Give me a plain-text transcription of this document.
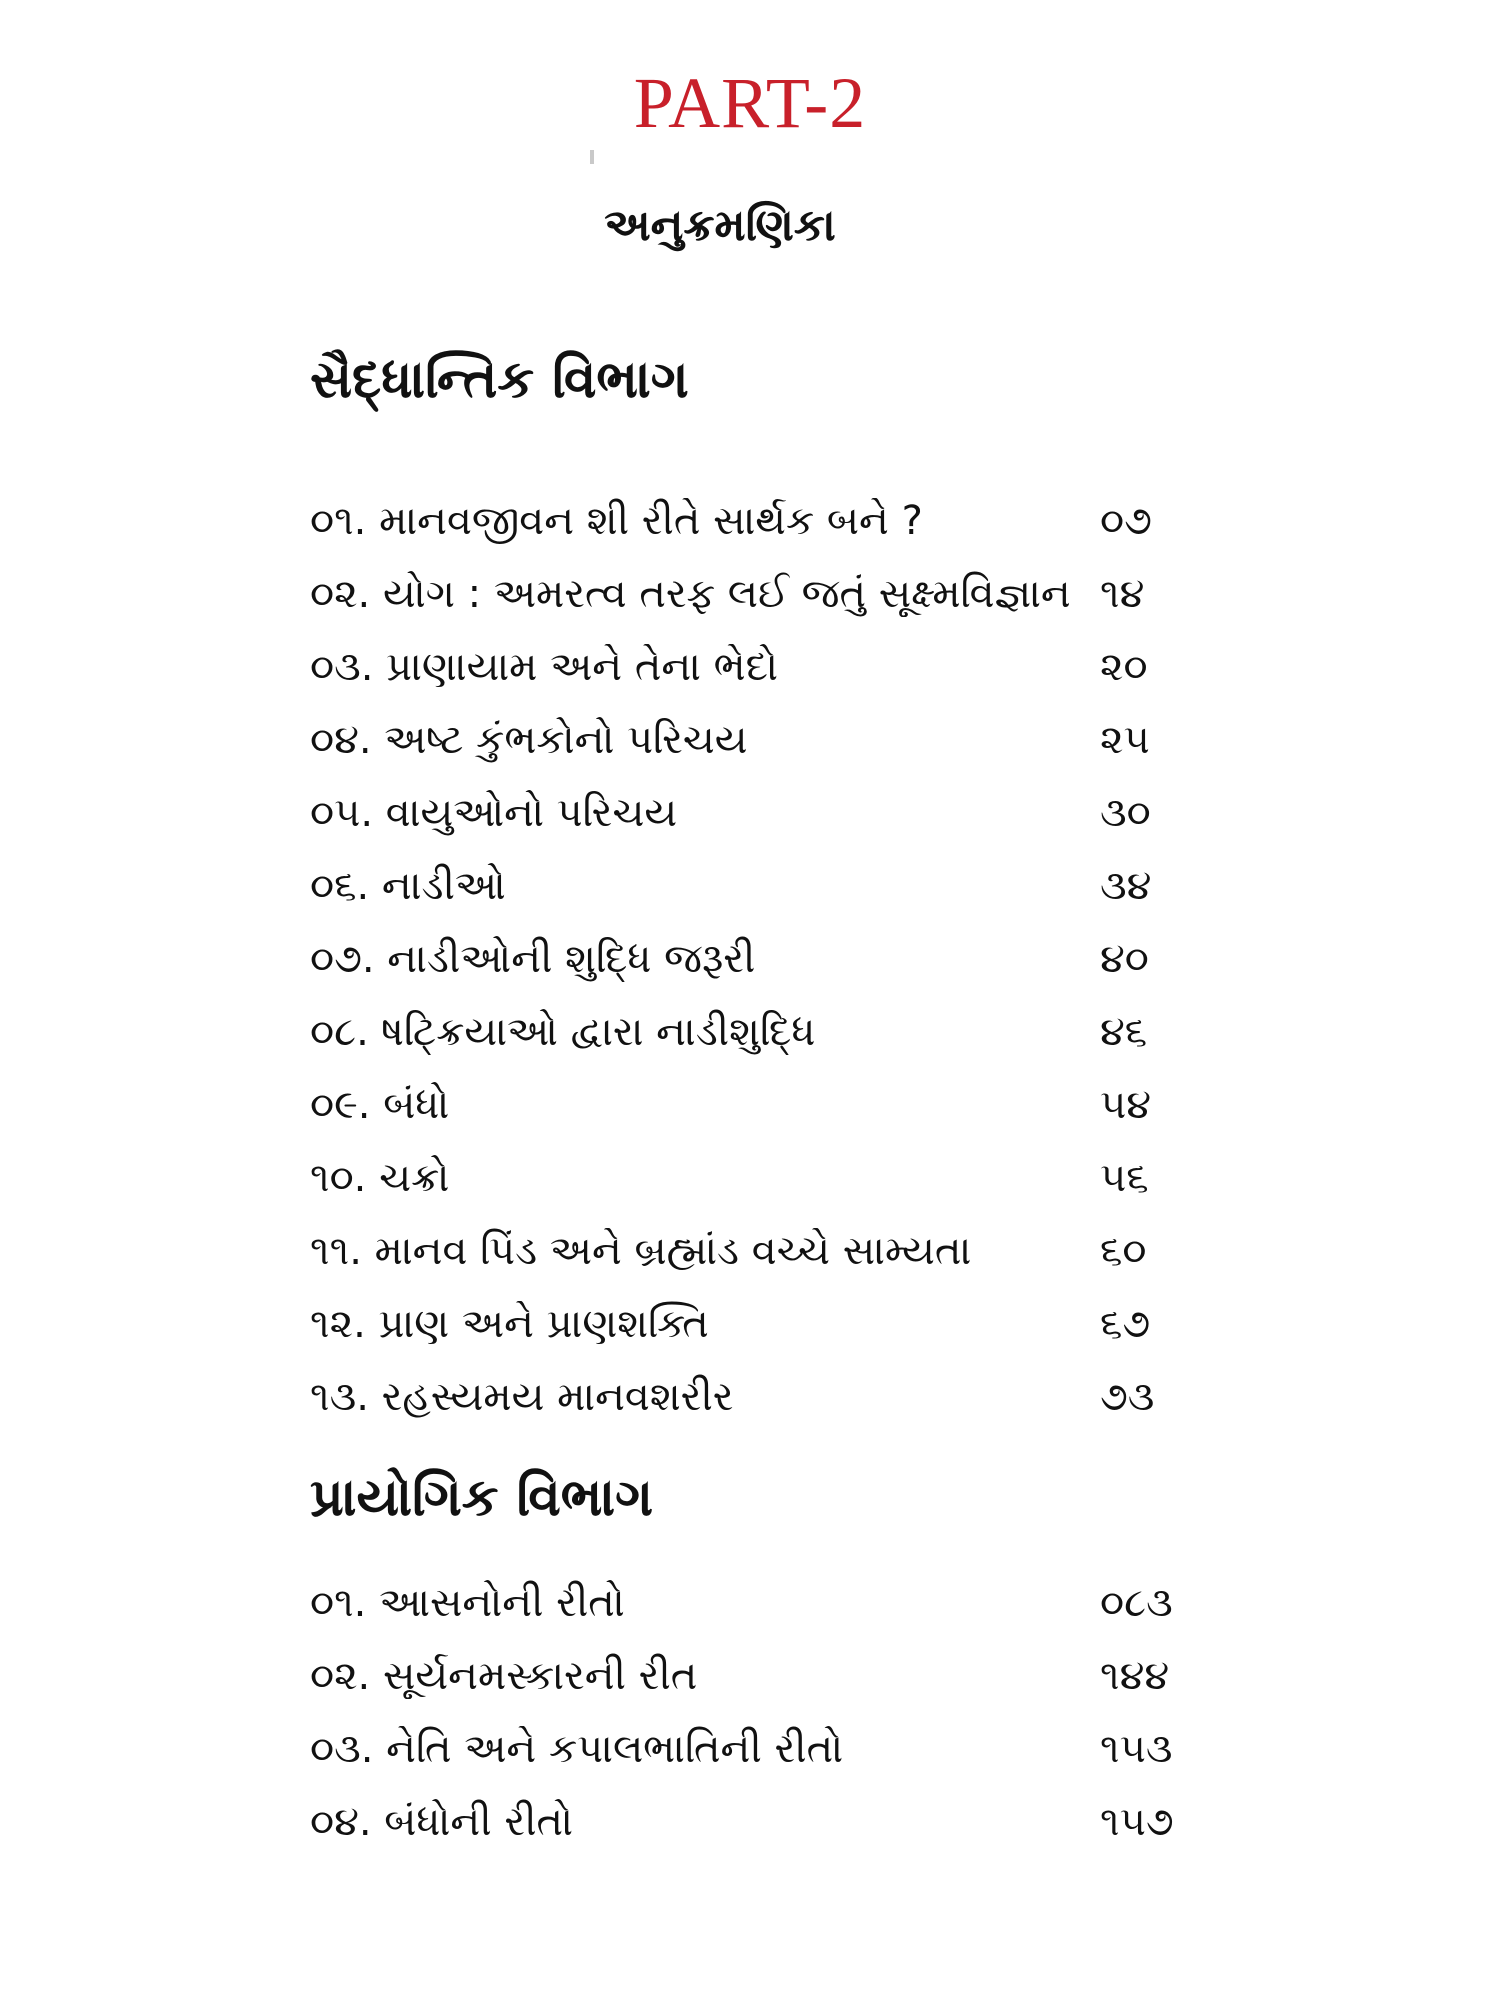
PART-2
અનુક્રમણિકા
સૈદ્ધાન્તિક વિભાગ
૦૧. માનવજીવન શી રીતે સાર્થક બને ?	૦૭
૦૨. યોગ : અમરત્વ તરફ લઈ જતું સૂક્ષ્મવિજ્ઞાન ૧૪
૦૩. પ્રાણાયામ અને તેના ભેદો	૨૦
૦૪. અષ્ટ કુંભકોનો પરિચય	૨૫
૦૫. વાયુઓનો પરિચય	૩૦
૦૬. નાડીઓ	૩૪
૦૭. નાડીઓની શુદ્ધિ જરૂરી	૪૦
૦૮. ષટ્ક્રિયાઓ દ્વારા નાડીશુદ્ધિ	૪૬
૦૯. બંધો	૫૪
૧૦. ચક્રો	૫૬
૧૧. માનવ પિંડ અને બ્રહ્માંડ વચ્ચે સામ્યતા	૬૦
૧૨. પ્રાણ અને પ્રાણશક્તિ	૬૭
૧૩. રહસ્યમય માનવશરીર	૭૩
પ્રાયોગિક વિભાગ
૦૧. આસનોની રીતો	૦૮૩
૦૨. સૂર્યનમસ્કારની રીત	૧૪૪
૦૩. નેતિ અને કપાલભાતિની રીતો	૧૫૩
૦૪. બંધોની રીતો	૧૫૭
